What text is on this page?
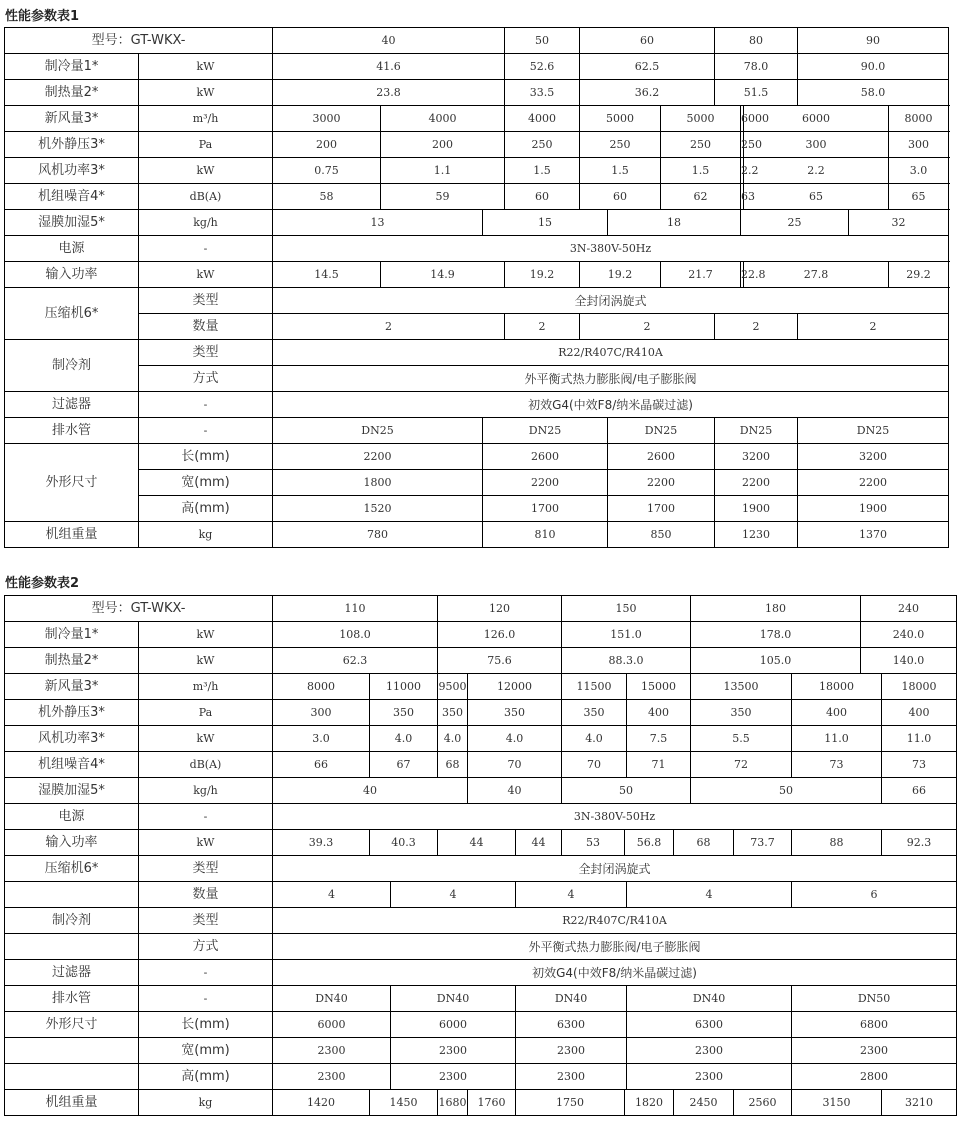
性能参数表1
型号：GT-WKX-		40			50	60			80			90			
制冷量1*	kW	41.6			52.6	62.5			78.0			90.0			
制热量2*	kW	23.8			33.5	36.2			51.5			58.0			
新风量3*	m³/h	3000	4000		4000	5000		5000		6000	6000			8000		
机外静压3*	Pa	200	200		250	250		250		250	300			300		
风机功率3*	kW	0.75	1.1		1.5	1.5		1.5		2.2	2.2			3.0		
机组噪音4*	dB(A)	58	59		60	60		62		63	65			65		
湿膜加湿5*	kg/h	13		15			18			25			32		
电源	-	3N-380V-50Hz													
输入功率	kW	14.5	14.9		19.2	19.2		21.7		22.8	27.8			29.2		
压缩机6*	类型	全封闭涡旋式													
	数量	2			2	2			2			2			
制冷剂	类型	R22/R407C/R410A													
	方式	外平衡式热力膨胀阀/电子膨胀阀													
过滤器	-	初效G4(中效F8/纳米晶碳过滤)													
排水管	-	DN25		DN25			DN25		DN25			DN25			
外形尺寸	长(mm)	2200		2600			2600		3200			3200			
	宽(mm)	1800		2200			2200		2200			2200			
	高(mm)	1520		1700			1700		1900			1900			
机组重量	kg	780		810			850		1230			1370			
性能参数表2
型号：GT-WKX-		110			120			150				180			240		
制冷量1*	kW	108.0			126.0			151.0				178.0			240.0		
制热量2*	kW	62.3			75.6			88.3.0				105.0			140.0		
新风量3*	m³/h	8000	11000		9500	12000		11500		15000		13500		18000		18000	
机外静压3*	Pa	300	350		350	350		350		400		350		400		400	
风机功率3*	kW	3.0	4.0		4.0	4.0		4.0		7.5		5.5		11.0		11.0	
机组噪音4*	dB(A)	66	67		68	70		70		71		72		73		73	
湿膜加湿5*	kg/h	40				40		50				50				66	
电源	-	3N-380V-50Hz															
输入功率	kW	39.3	40.3		44		44	53	56.8		68		73.7	88		92.3	
压缩机6*	类型	全封闭涡旋式															
	数量	4		4			4			4				6			
制冷剂	类型	R22/R407C/R410A															
	方式	外平衡式热力膨胀阀/电子膨胀阀															
过滤器	-	初效G4(中效F8/纳米晶碳过滤)															
排水管	-	DN40		DN40			DN40			DN40				DN50			
外形尺寸	长(mm)	6000		6000			6300			6300				6800			
	宽(mm)	2300		2300			2300			2300				2300			
	高(mm)	2300		2300			2300			2300				2800			
机组重量	kg	1420	1450		1680	1760	1750		1820		2450		2560	3150		3210	
